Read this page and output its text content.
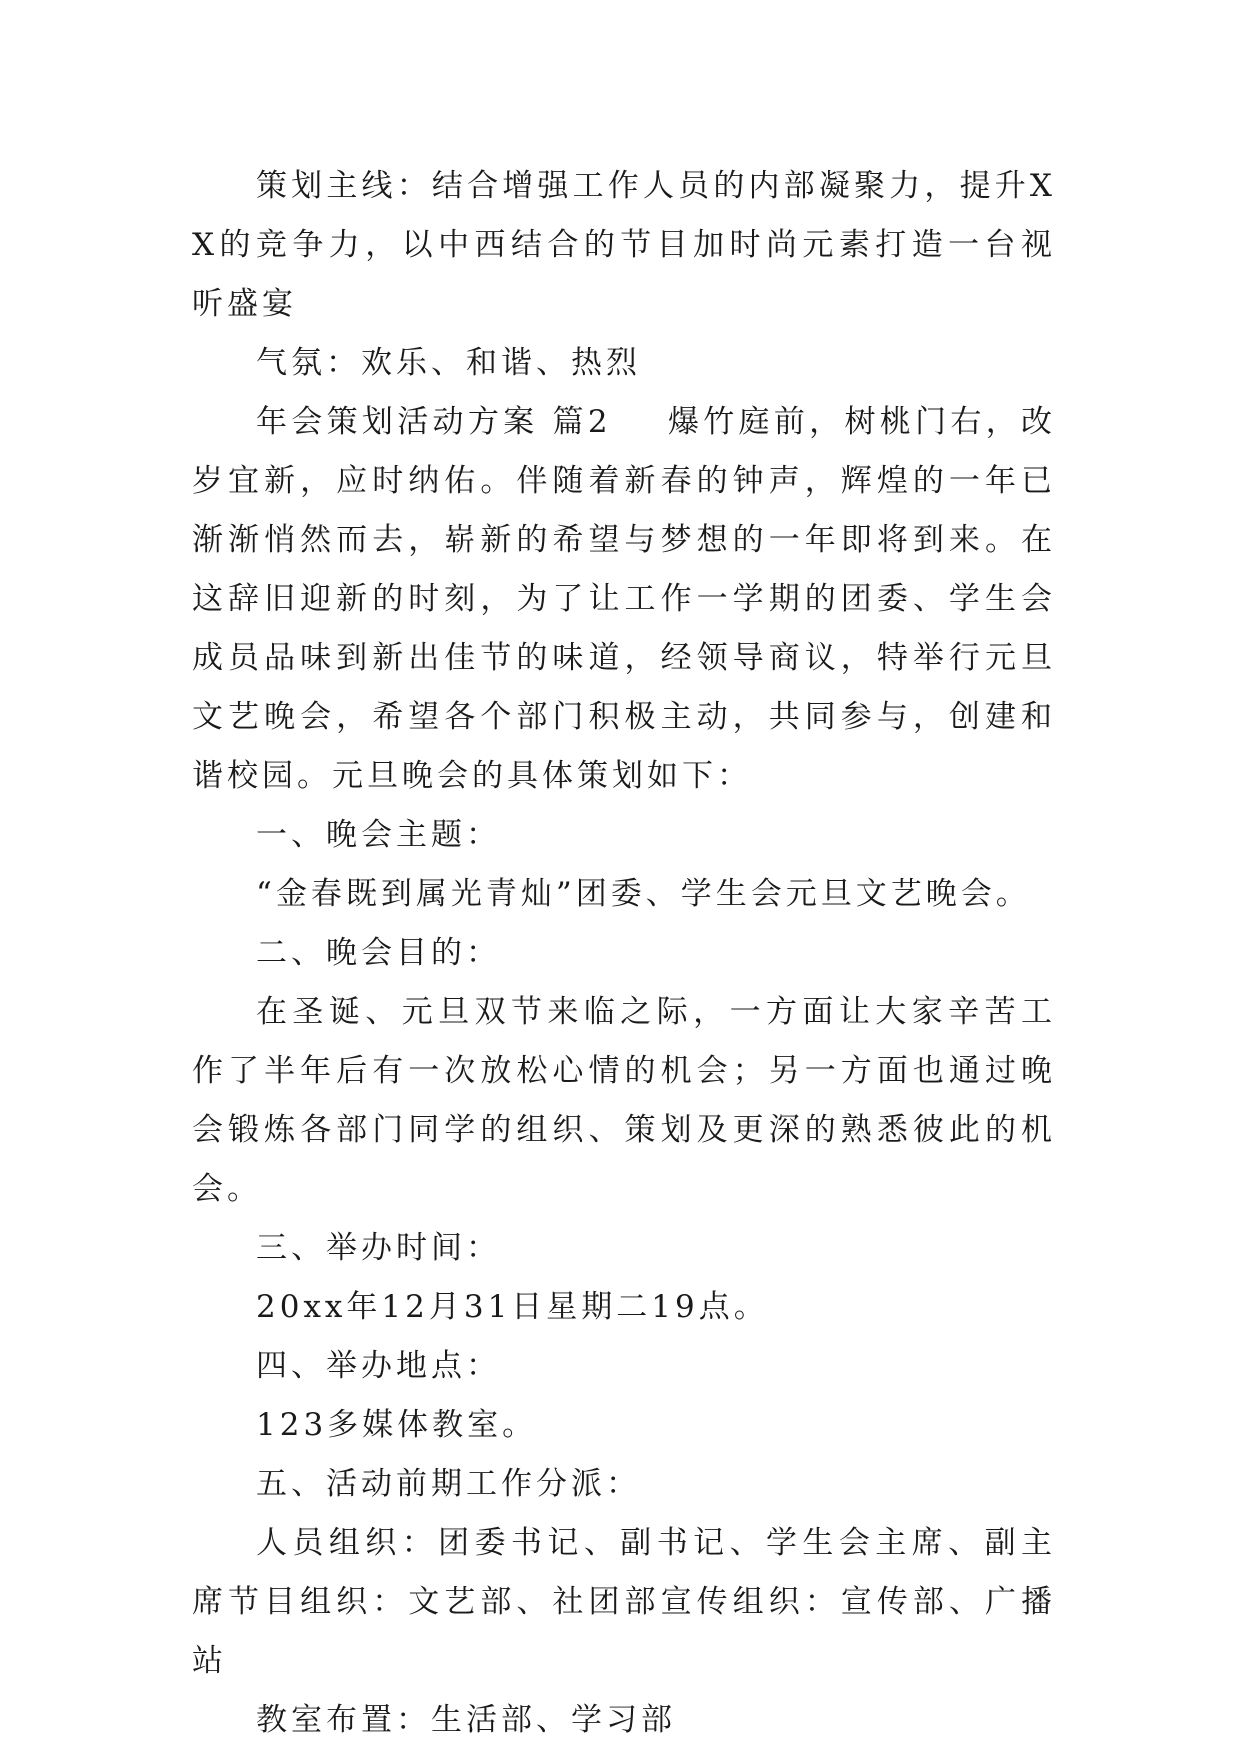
策划主线：结合增强工作人员的内部凝聚力，提升XX的竞争力，以中西结合的节目加时尚元素打造一台视听盛宴

气氛：欢乐、和谐、热烈

年会策划活动方案 篇2 爆竹庭前，树桃门右，改岁宜新，应时纳佑。伴随着新春的钟声，辉煌的一年已渐渐悄然而去，崭新的希望与梦想的一年即将到来。在这辞旧迎新的时刻，为了让工作一学期的团委、学生会成员品味到新出佳节的味道，经领导商议，特举行元旦文艺晚会，希望各个部门积极主动，共同参与，创建和谐校园。元旦晚会的具体策划如下：

一、晚会主题：

“金春既到属光青灿”团委、学生会元旦文艺晚会。

二、晚会目的：

在圣诞、元旦双节来临之际，一方面让大家辛苦工作了半年后有一次放松心情的机会；另一方面也通过晚会锻炼各部门同学的组织、策划及更深的熟悉彼此的机会。

三、举办时间：

20xx年12月31日星期二19点。

四、举办地点：

123多媒体教室。

五、活动前期工作分派：

人员组织：团委书记、副书记、学生会主席、副主席节目组织：文艺部、社团部宣传组织：宣传部、广播站

教室布置：生活部、学习部
